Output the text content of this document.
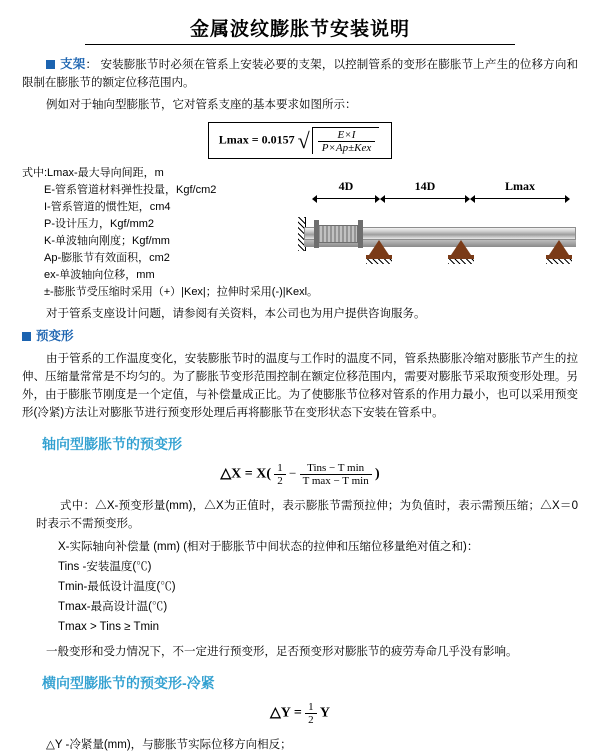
金属波纹膨胀节安装说明

支架： 安装膨胀节时必须在管系上安装必要的支架，以控制管系的变形在膨胀节上产生的位移方向和限制在膨胀节的额定位移范围内。

例如对于轴向型膨胀节，它对管系支座的基本要求如图所示：

Lmax = 0.0157 √ $\frac{E\times I}{\text{P×Ap±Kex}}$
式中:Lmax-最大导向间距，m
E-管系管道材料弹性投量，Kgf/cm2
I-管系管道的惯性矩，cm4
P-设计压力，Kgf/mm2
K-单波轴向刚度；Kgf/mm
Ap-膨胀节有效面积，cm2
ex-单波轴向位移，mm
±-膨胀节受压缩时采用（+）|Kex|；拉伸时采用(-)|Kexl。
4D	14D	Lmax

对于管系支座设计问题，请参阅有关资料，本公司也为用户提供咨询服务。

预变形

由于管系的工作温度变化，安装膨胀节时的温度与工作时的温度不同，管系热膨胀冷缩对膨胀节产生的拉伸、压缩量常常是不均匀的。为了膨胀节变形范围控制在额定位移范围内，需要对膨胀节采取预变形处理。另外，由于膨胀节刚度是一个定值，与补偿量成正比。为了使膨胀节位移对管系的作用力最小，也可以采用预变形(冷紧)方法让对膨胀节进行预变形处理后再将膨胀节在变形状态下安装在管系中。

轴向型膨胀节的预变形
△X = $X( \frac{1}{2} - \frac{\text{Tins − T min}}{\text{T max − T min}}$ )

式中：△X-预变形量(mm)，△X为正值时，表示膨胀节需预拉伸；为负值时，表示需预压缩；△X＝0时表示不需预变形。

X-实际轴向补偿量 (mm) (相对于膨胀节中间状态的拉伸和压缩位移量绝对值之和)：
Tins -安装温度(℃)
Tmin-最低设计温度(℃)
Tmax-最高设计温(℃)
Tmax > Tins ≥ Tmin

一般变形和受力情况下，不一定进行预变形，足否预变形对膨胀节的疲劳寿命几乎没有影响。

横向型膨胀节的预变形-冷紧
△Y = $\frac{1}{2}$ Y
△Y -冷紧量(mm)，与膨胀节实际位移方向相反；
